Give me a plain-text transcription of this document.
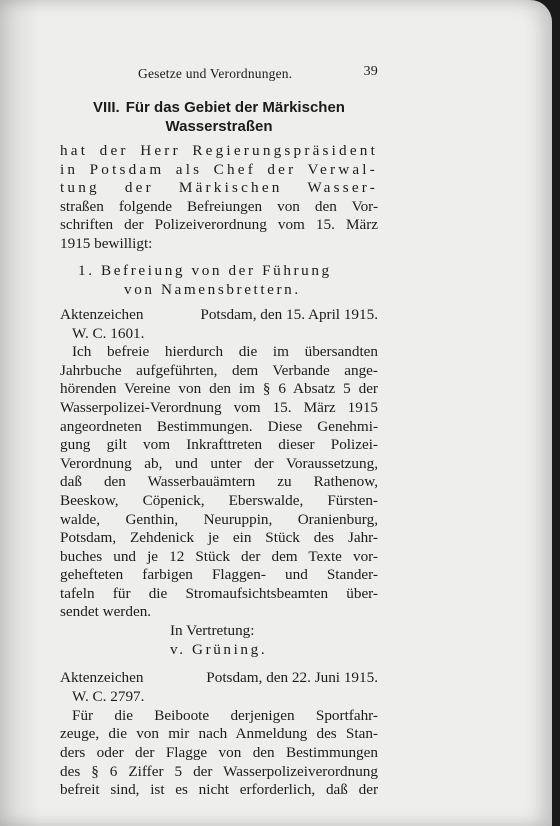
Gesetze und Verordnungen.	39
VIII. Für das Gebiet der Märkischen
Wasserstraßen
hat der Herr Regierungspräsident
in Potsdam als Chef der Verwal-
tung der Märkischen Wasser-
straßen folgende Befreiungen von den Vor-
schriften der Polizeiverordnung vom 15. März
1915 bewilligt:
1. Befreiung von der Führung
von Namensbrettern.
Aktenzeichen	Potsdam, den 15. April 1915.
W. C. 1601.
Ich befreie hierdurch die im übersandten
Jahrbuche aufgeführten, dem Verbande ange-
hörenden Vereine von den im § 6 Absatz 5 der
Wasserpolizei-Verordnung vom 15. März 1915
angeordneten Bestimmungen. Diese Genehmi-
gung gilt vom Inkrafttreten dieser Polizei-
Verordnung ab, und unter der Voraussetzung,
daß den Wasserbauämtern zu Rathenow,
Beeskow, Cöpenick, Eberswalde, Fürsten-
walde, Genthin, Neuruppin, Oranienburg,
Potsdam, Zehdenick je ein Stück des Jahr-
buches und je 12 Stück der dem Texte vor-
gehefteten farbigen Flaggen- und Stander-
tafeln für die Stromaufsichtsbeamten über-
sendet werden.
In Vertretung:
v. Grüning.
Aktenzeichen	Potsdam, den 22. Juni 1915.
W. C. 2797.
Für die Beiboote derjenigen Sportfahr-
zeuge, die von mir nach Anmeldung des Stan-
ders oder der Flagge von den Bestimmungen
des § 6 Ziffer 5 der Wasserpolizeiverordnung
befreit sind, ist es nicht erforderlich, daß der
